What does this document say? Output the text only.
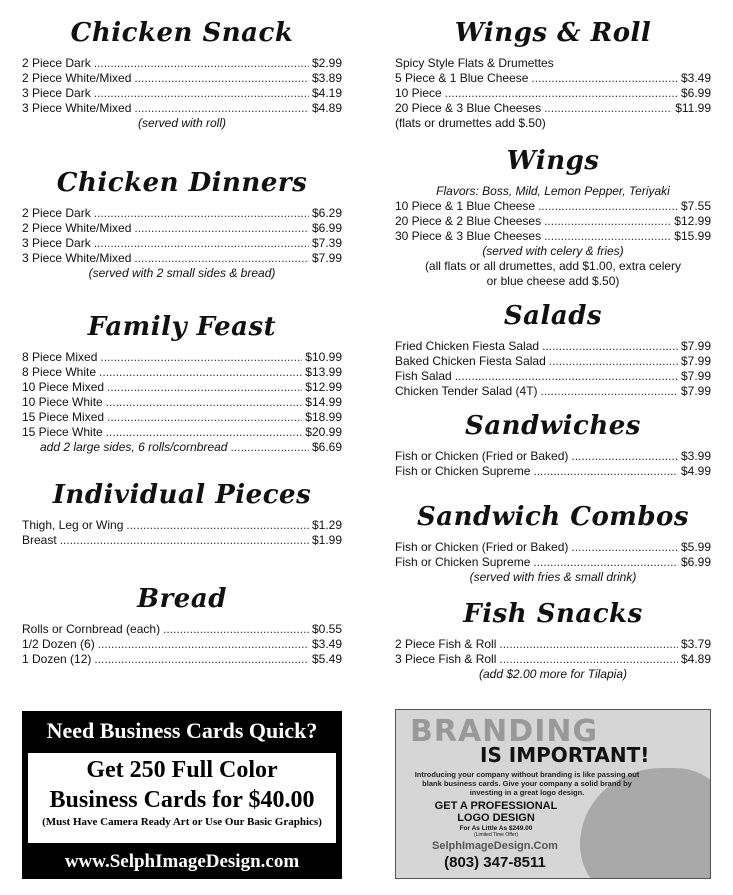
Chicken Snack
2 Piece Dark .....	$2.99
2 Piece White/Mixed .....	$3.89
3 Piece Dark .....	$4.19
3 Piece White/Mixed .....	$4.89
(served with roll)
Chicken Dinners
2 Piece Dark .....	$6.29
2 Piece White/Mixed .....	$6.99
3 Piece Dark .....	$7.39
3 Piece White/Mixed .....	$7.99
(served with 2 small sides & bread)
Family Feast
8 Piece Mixed .....	$10.99
8 Piece White .....	$13.99
10 Piece Mixed .....	$12.99
10 Piece White .....	$14.99
15 Piece Mixed .....	$18.99
15 Piece White .....	$20.99
add 2 large sides, 6 rolls/cornbread .....	$6.69
Individual Pieces
Thigh, Leg or Wing .....	$1.29
Breast .....	$1.99
Bread
Rolls or Cornbread (each) .....	$0.55
1/2 Dozen (6) .....	$3.49
1 Dozen (12) .....	$5.49
Wings & Roll
Spicy Style Flats & Drumettes
5 Piece & 1 Blue Cheese .....	$3.49
10 Piece .....	$6.99
20 Piece & 3 Blue Cheeses .....	$11.99
(flats or drumettes add $.50)
Wings
Flavors: Boss, Mild, Lemon Pepper, Teriyaki
10 Piece & 1 Blue Cheese .....	$7.55
20 Piece & 2 Blue Cheeses .....	$12.99
30 Piece & 3 Blue Cheeses .....	$15.99
(served with celery & fries)
(all flats or all drumettes, add $1.00, extra celery
or blue cheese add $.50)
Salads
Fried Chicken Fiesta Salad .....	$7.99
Baked Chicken Fiesta Salad .....	$7.99
Fish Salad .....	$7.99
Chicken Tender Salad (4T) .....	$7.99
Sandwiches
Fish or Chicken (Fried or Baked) .....	$3.99
Fish or Chicken Supreme .....	$4.99
Sandwich Combos
Fish or Chicken (Fried or Baked) .....	$5.99
Fish or Chicken Supreme .....	$6.99
(served with fries & small drink)
Fish Snacks
2 Piece Fish & Roll .....	$3.79
3 Piece Fish & Roll .....	$4.89
(add $2.00 more for Tilapia)
Need Business Cards Quick?
Get 250 Full Color
Business Cards for $40.00
(Must Have Camera Ready Art or Use Our Basic Graphics)
www.SelphImageDesign.com
BRANDING
IS IMPORTANT!
Introducing your company without branding is like passing out blank business cards. Give your company a solid brand by investing in a great logo design.
GET A PROFESSIONAL
LOGO DESIGN
For As Little As $249.00
(Limited Time Offer)
SelphImageDesign.Com
(803) 347-8511
